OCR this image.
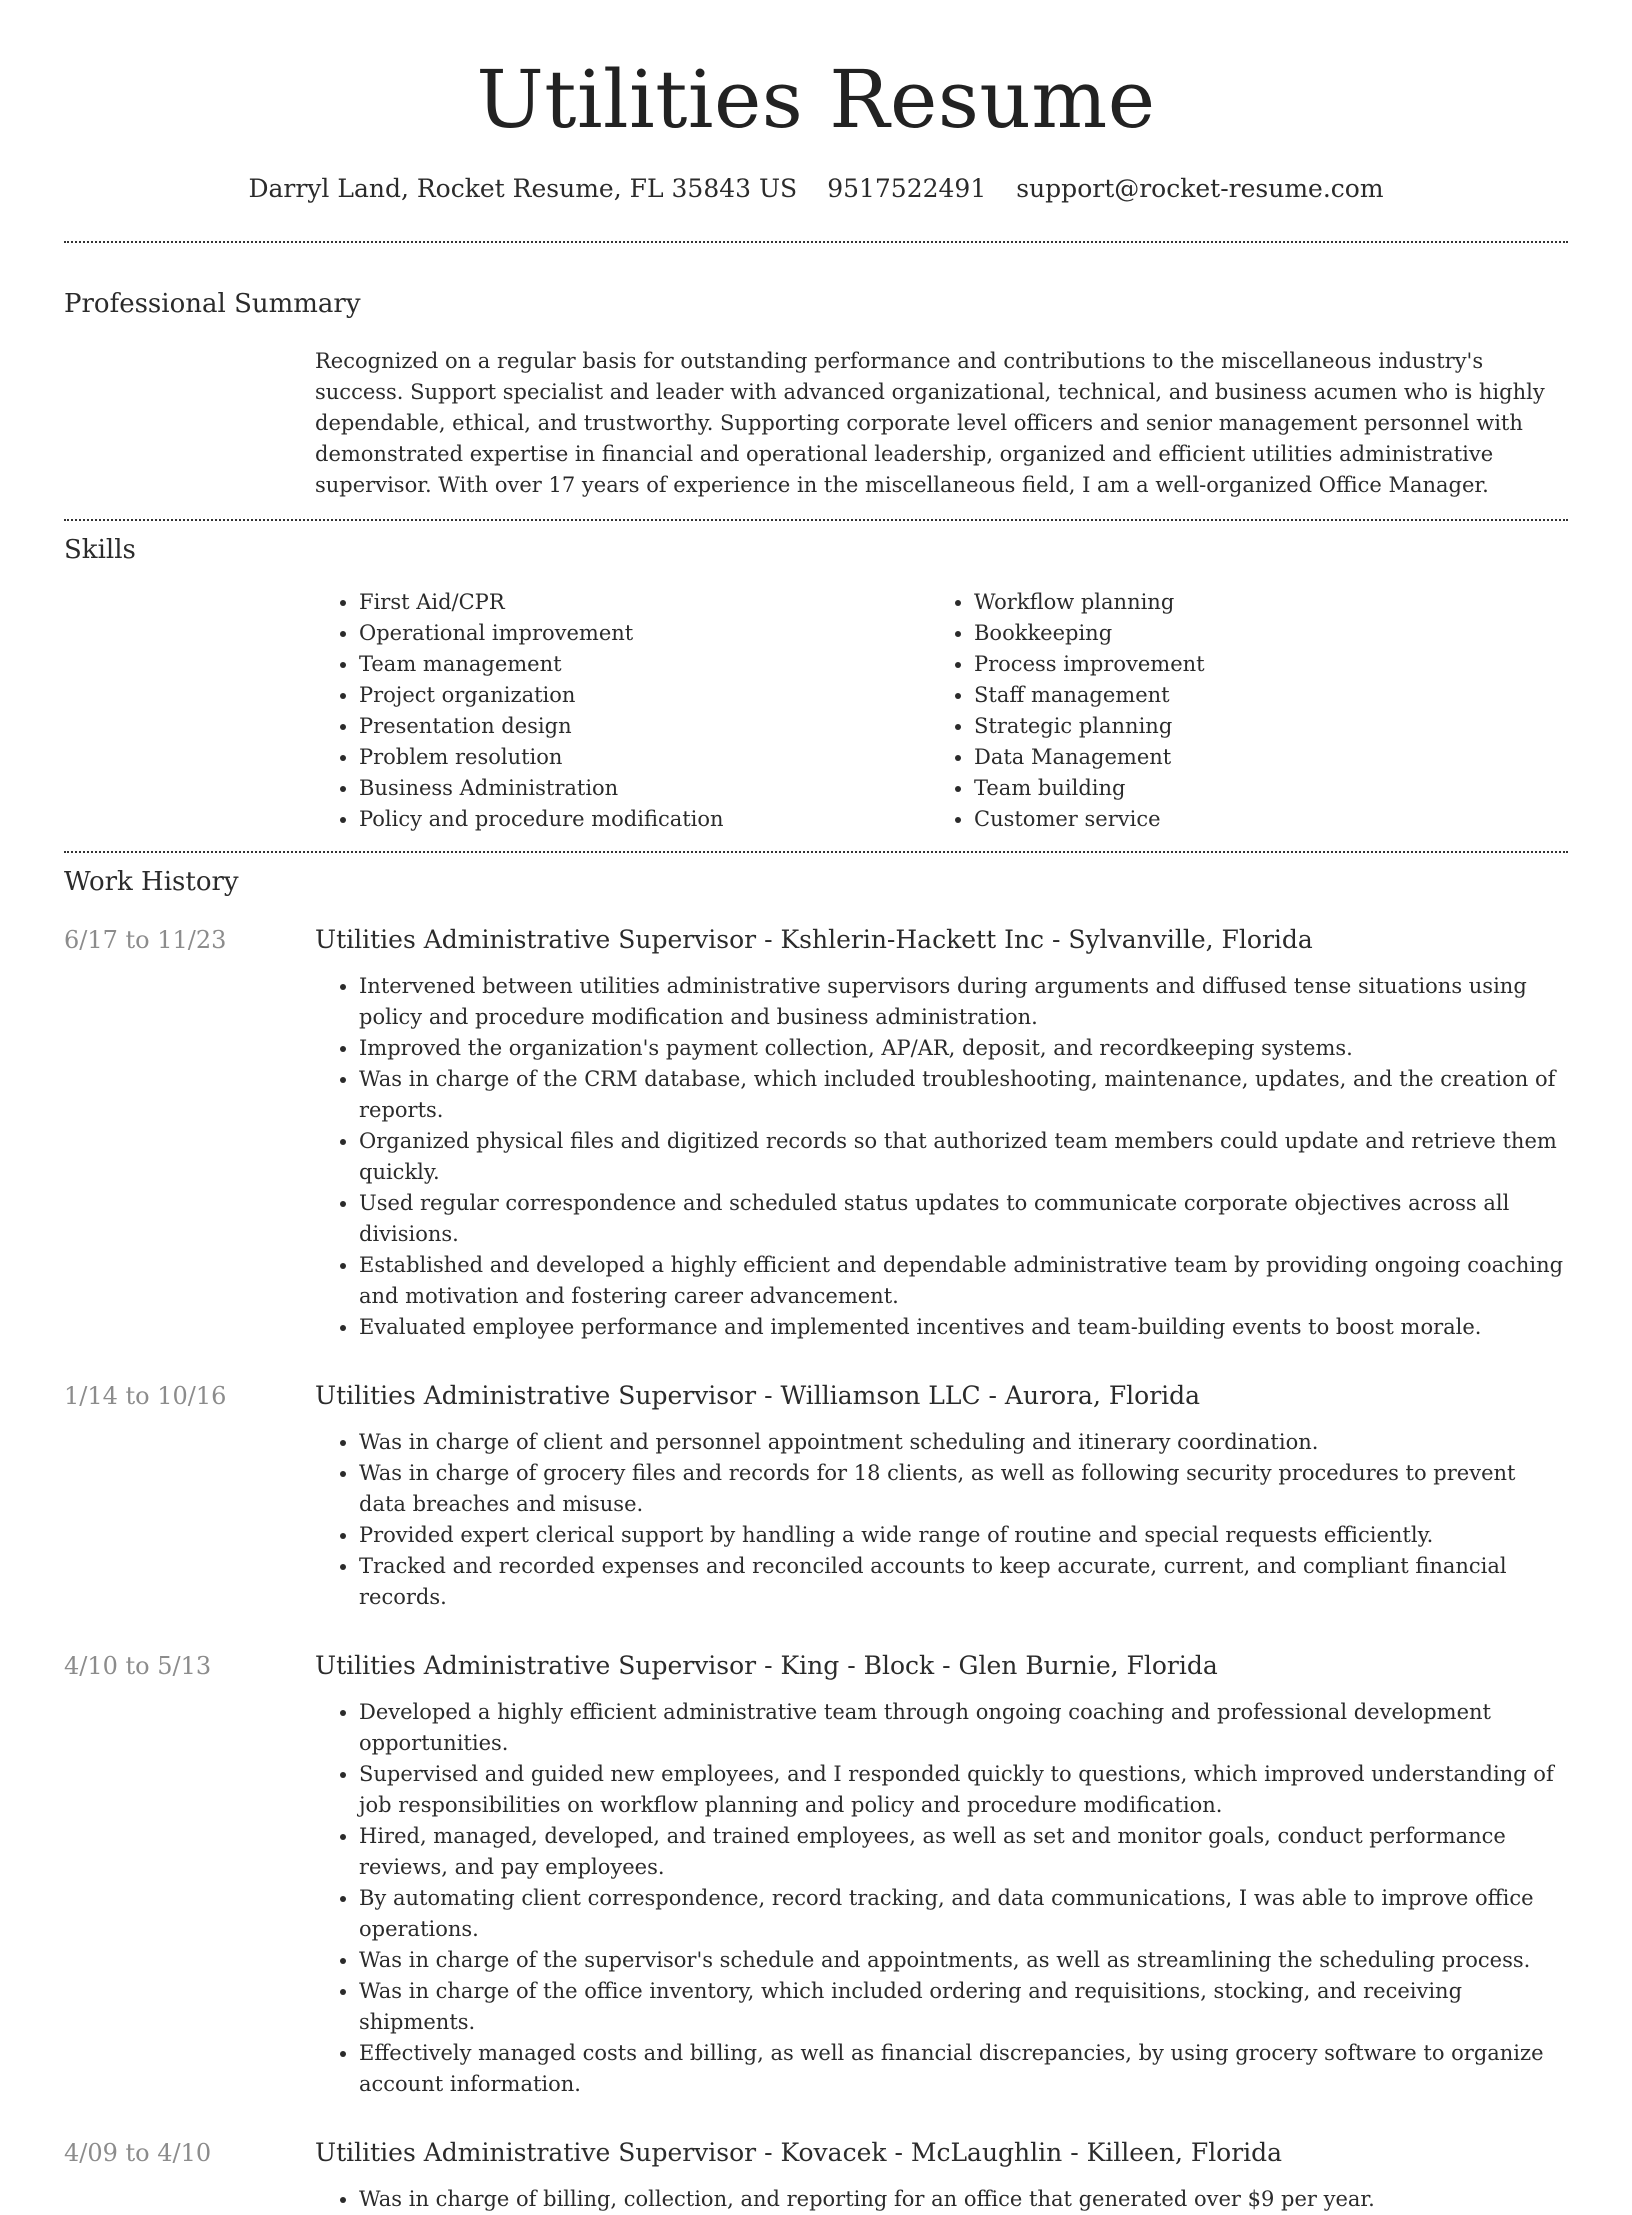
Utilities Resume
Darryl Land, Rocket Resume, FL 35843 US 9517522491 support@rocket-resume.com
Professional Summary

Recognized on a regular basis for outstanding performance and contributions to the miscellaneous industry's success. Support specialist and leader with advanced organizational, technical, and business acumen who is highly dependable, ethical, and trustworthy. Supporting corporate level officers and senior management personnel with demonstrated expertise in financial and operational leadership, organized and efficient utilities administrative supervisor. With over 17 years of experience in the miscellaneous field, I am a well-organized Office Manager.

Skills
• First Aid/CPR
• Operational improvement
• Team management
• Project organization
• Presentation design
• Problem resolution
• Business Administration
• Policy and procedure modification
• Workflow planning
• Bookkeeping
• Process improvement
• Staff management
• Strategic planning
• Data Management
• Team building
• Customer service
Work History
6/17 to 11/23	Utilities Administrative Supervisor - Kshlerin-Hackett Inc - Sylvanville, Florida
• Intervened between utilities administrative supervisors during arguments and diffused tense situations using policy and procedure modification and business administration.
• Improved the organization's payment collection, AP/AR, deposit, and recordkeeping systems.
• Was in charge of the CRM database, which included troubleshooting, maintenance, updates, and the creation of reports.
• Organized physical files and digitized records so that authorized team members could update and retrieve them quickly.
• Used regular correspondence and scheduled status updates to communicate corporate objectives across all divisions.
• Established and developed a highly efficient and dependable administrative team by providing ongoing coaching and motivation and fostering career advancement.
• Evaluated employee performance and implemented incentives and team-building events to boost morale.
1/14 to 10/16	Utilities Administrative Supervisor - Williamson LLC - Aurora, Florida
• Was in charge of client and personnel appointment scheduling and itinerary coordination.
• Was in charge of grocery files and records for 18 clients, as well as following security procedures to prevent data breaches and misuse.
• Provided expert clerical support by handling a wide range of routine and special requests efficiently.
• Tracked and recorded expenses and reconciled accounts to keep accurate, current, and compliant financial records.
4/10 to 5/13	Utilities Administrative Supervisor - King - Block - Glen Burnie, Florida
• Developed a highly efficient administrative team through ongoing coaching and professional development opportunities.
• Supervised and guided new employees, and I responded quickly to questions, which improved understanding of job responsibilities on workflow planning and policy and procedure modification.
• Hired, managed, developed, and trained employees, as well as set and monitor goals, conduct performance reviews, and pay employees.
• By automating client correspondence, record tracking, and data communications, I was able to improve office operations.
• Was in charge of the supervisor's schedule and appointments, as well as streamlining the scheduling process.
• Was in charge of the office inventory, which included ordering and requisitions, stocking, and receiving shipments.
• Effectively managed costs and billing, as well as financial discrepancies, by using grocery software to organize account information.
4/09 to 4/10	Utilities Administrative Supervisor - Kovacek - McLaughlin - Killeen, Florida
• Was in charge of billing, collection, and reporting for an office that generated over $9 per year.
